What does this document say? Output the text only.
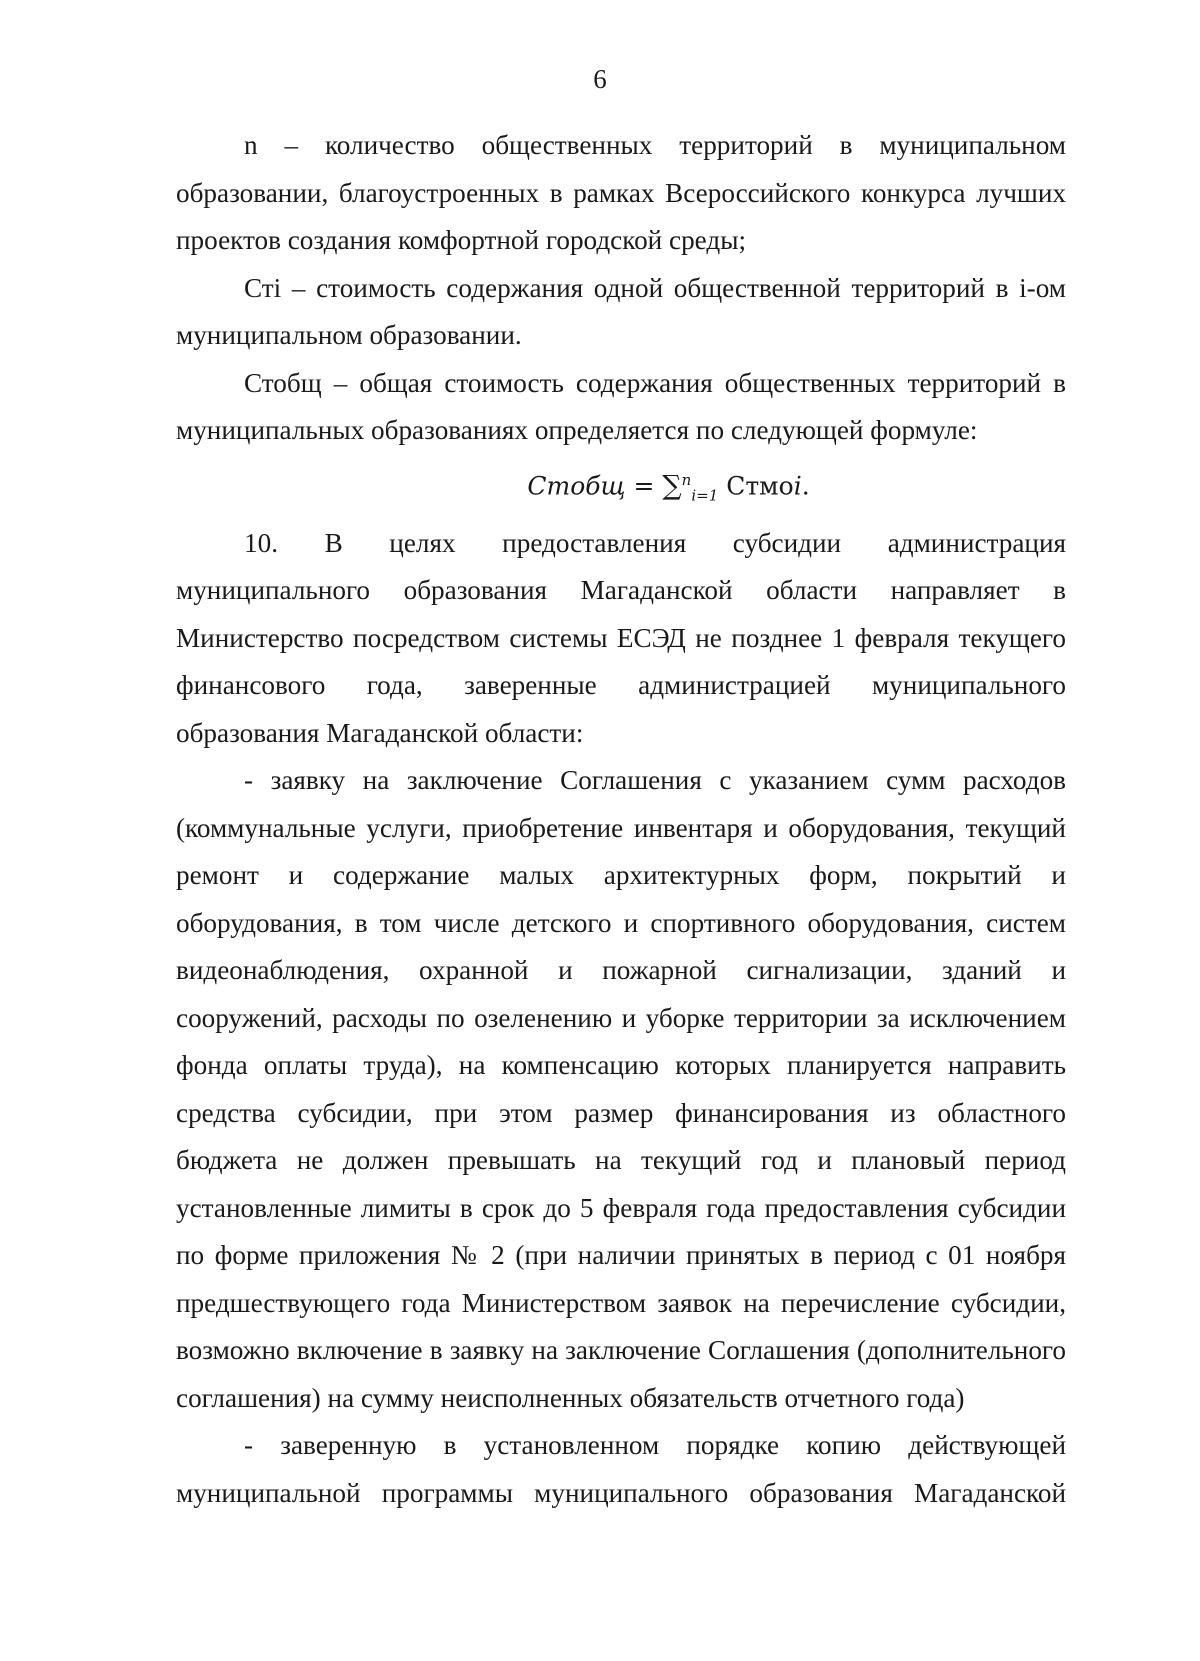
6

n – количество общественных территорий в муниципальном образовании, благоустроенных в рамках Всероссийского конкурса лучших проектов создания комфортной городской среды;

Стi – стоимость содержания одной общественной территорий в i-ом муниципальном образовании.

Стобщ – общая стоимость содержания общественных территорий в муниципальных образованиях определяется по следующей формуле:

Стобщ = ∑$^n_{i=1}$ Стмоi.

10. В целях предоставления субсидии администрация муниципального образования Магаданской области направляет в Министерство посредством системы ЕСЭД не позднее 1 февраля текущего финансового года, заверенные администрацией муниципального образования Магаданской области:

- заявку на заключение Соглашения с указанием сумм расходов (коммунальные услуги, приобретение инвентаря и оборудования, текущий ремонт и содержание малых архитектурных форм, покрытий и оборудования, в том числе детского и спортивного оборудования, систем видеонаблюдения, охранной и пожарной сигнализации, зданий и сооружений, расходы по озеленению и уборке территории за исключением фонда оплаты труда), на компенсацию которых планируется направить средства субсидии, при этом размер финансирования из областного бюджета не должен превышать на текущий год и плановый период установленные лимиты в срок до 5 февраля года предоставления субсидии по форме приложения № 2 (при наличии принятых в период с 01 ноября предшествующего года Министерством заявок на перечисление субсидии, возможно включение в заявку на заключение Соглашения (дополнительного соглашения) на сумму неисполненных обязательств отчетного года)

- заверенную в установленном порядке копию действующей муниципальной программы муниципального образования Магаданской
